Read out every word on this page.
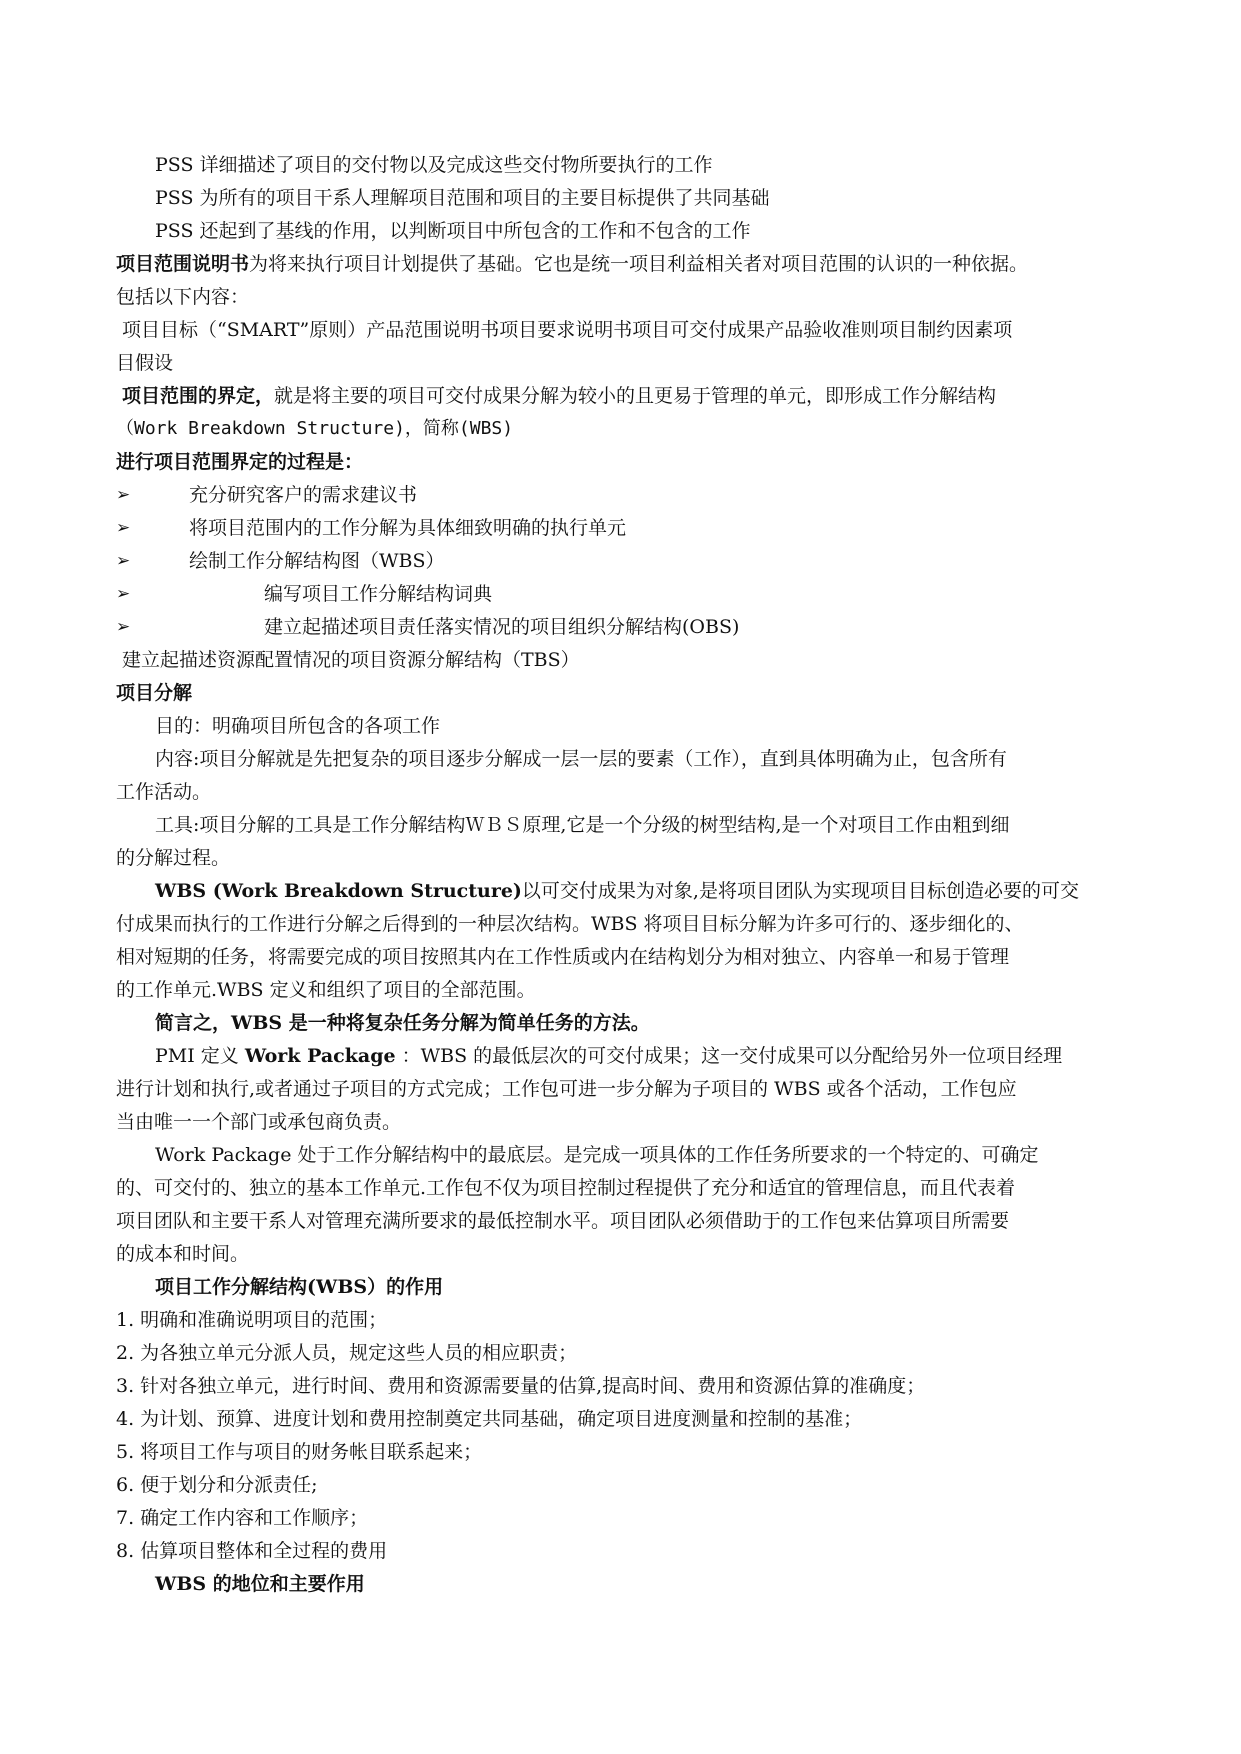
PSS 详细描述了项目的交付物以及完成这些交付物所要执行的工作
PSS 为所有的项目干系人理解项目范围和项目的主要目标提供了共同基础
PSS 还起到了基线的作用，以判断项目中所包含的工作和不包含的工作
项目范围说明书为将来执行项目计划提供了基础。它也是统一项目利益相关者对项目范围的认识的一种依据。
包括以下内容：
项目目标（“SMART”原则）产品范围说明书项目要求说明书项目可交付成果产品验收准则项目制约因素项
目假设
项目范围的界定，就是将主要的项目可交付成果分解为较小的且更易于管理的单元，即形成工作分解结构
（Work Breakdown Structure)，简称(WBS)
进行项目范围界定的过程是：
➢	充分研究客户的需求建议书
➢	将项目范围内的工作分解为具体细致明确的执行单元
➢	绘制工作分解结构图（WBS）
➢	编写项目工作分解结构词典
➢	建立起描述项目责任落实情况的项目组织分解结构(OBS)
建立起描述资源配置情况的项目资源分解结构（TBS）
项目分解
目的：明确项目所包含的各项工作
内容:项目分解就是先把复杂的项目逐步分解成一层一层的要素（工作），直到具体明确为止，包含所有
工作活动。
工具:项目分解的工具是工作分解结构ＷＢＳ原理,它是一个分级的树型结构,是一个对项目工作由粗到细
的分解过程。
WBS (Work Breakdown Structure)以可交付成果为对象,是将项目团队为实现项目目标创造必要的可交
付成果而执行的工作进行分解之后得到的一种层次结构。WBS 将项目目标分解为许多可行的、逐步细化的、
相对短期的任务，将需要完成的项目按照其内在工作性质或内在结构划分为相对独立、内容单一和易于管理
的工作单元.WBS 定义和组织了项目的全部范围。
简言之，WBS 是一种将复杂任务分解为简单任务的方法。
PMI 定义 Work Package ：WBS 的最低层次的可交付成果；这一交付成果可以分配给另外一位项目经理
进行计划和执行,或者通过子项目的方式完成；工作包可进一步分解为子项目的 WBS 或各个活动，工作包应
当由唯一一个部门或承包商负责。
Work Package 处于工作分解结构中的最底层。是完成一项具体的工作任务所要求的一个特定的、可确定
的、可交付的、独立的基本工作单元.工作包不仅为项目控制过程提供了充分和适宜的管理信息，而且代表着
项目团队和主要干系人对管理充满所要求的最低控制水平。项目团队必须借助于的工作包来估算项目所需要
的成本和时间。
项目工作分解结构(WBS）的作用
1. 明确和准确说明项目的范围；
2. 为各独立单元分派人员，规定这些人员的相应职责；
3. 针对各独立单元，进行时间、费用和资源需要量的估算,提高时间、费用和资源估算的准确度；
4. 为计划、预算、进度计划和费用控制奠定共同基础，确定项目进度测量和控制的基准；
5. 将项目工作与项目的财务帐目联系起来；
6. 便于划分和分派责任;
7. 确定工作内容和工作顺序；
8. 估算项目整体和全过程的费用
WBS 的地位和主要作用
